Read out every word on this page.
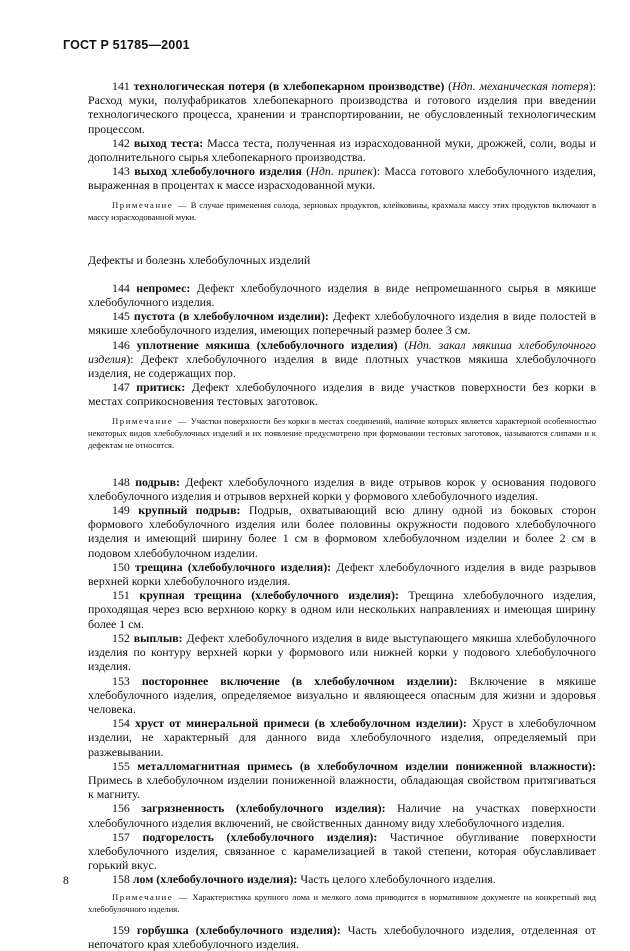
ГОСТ Р 51785—2001

141 технологическая потеря (в хлебопекарном производстве) (Ндп. механическая потеря): Расход муки, полуфабрикатов хлебопекарного производства и готового изделия при введении технологического процесса, хранении и транспортировании, не обусловленный технологическим процессом.

142 выход теста: Масса теста, полученная из израсходованной муки, дрожжей, соли, воды и дополнительного сырья хлебопекарного производства.

143 выход хлебобулочного изделия (Ндп. припек): Масса готового хлебобулочного изделия, выраженная в процентах к массе израсходованной муки.

Примечание — В случае применения солода, зерновых продуктов, клейковины, крахмала массу этих продуктов включают в массу израсходованной муки.

Дефекты и болезнь хлебобулочных изделий

144 непромес: Дефект хлебобулочного изделия в виде непромешанного сырья в мякише хлебобулочного изделия.

145 пустота (в хлебобулочном изделии): Дефект хлебобулочного изделия в виде полостей в мякише хлебобулочного изделия, имеющих поперечный размер более 3 см.

146 уплотнение мякиша (хлебобулочного изделия) (Ндп. закал мякиша хлебобулочного изделия): Дефект хлебобулочного изделия в виде плотных участков мякиша хлебобулочного изделия, не содержащих пор.

147 притиск: Дефект хлебобулочного изделия в виде участков поверхности без корки в местах соприкосновения тестовых заготовок.

Примечание — Участки поверхности без корки в местах соединений, наличие которых является характерной особенностью некоторых видов хлебобулочных изделий и их появление предусмотрено при формовании тестовых заготовок, называются слипами и к дефектам не относятся.

148 подрыв: Дефект хлебобулочного изделия в виде отрывов корок у основания подового хлебобулочного изделия и отрывов верхней корки у формового хлебобулочного изделия.

149 крупный подрыв: Подрыв, охватывающий всю длину одной из боковых сторон формового хлебобулочного изделия или более половины окружности подового хлебобулочного изделия и имеющий ширину более 1 см в формовом хлебобулочном изделии и более 2 см в подовом хлебобулочном изделии.

150 трещина (хлебобулочного изделия): Дефект хлебобулочного изделия в виде разрывов верхней корки хлебобулочного изделия.

151 крупная трещина (хлебобулочного изделия): Трещина хлебобулочного изделия, проходящая через всю верхнюю корку в одном или нескольких направлениях и имеющая ширину более 1 см.

152 выплыв: Дефект хлебобулочного изделия в виде выступающего мякиша хлебобулочного изделия по контуру верхней корки у формового или нижней корки у подового хлебобулочного изделия.

153 постороннее включение (в хлебобулочном изделии): Включение в мякише хлебобулочного изделия, определяемое визуально и являющееся опасным для жизни и здоровья человека.

154 хруст от минеральной примеси (в хлебобулочном изделии): Хруст в хлебобулочном изделии, не характерный для данного вида хлебобулочного изделия, определяемый при разжевывании.

155 металломагнитная примесь (в хлебобулочном изделии пониженной влажности): Примесь в хлебобулочном изделии пониженной влажности, обладающая свойством притягиваться к магниту.

156 загрязненность (хлебобулочного изделия): Наличие на участках поверхности хлебобулочного изделия включений, не свойственных данному виду хлебобулочного изделия.

157 подгорелость (хлебобулочного изделия): Частичное обугливание поверхности хлебобулочного изделия, связанное с карамелизацией в такой степени, которая обуславливает горький вкус.

158 лом (хлебобулочного изделия): Часть целого хлебобулочного изделия.

Примечание — Характеристика крупного лома и мелкого лома приводится в нормативном документе на конкретный вид хлебобулочного изделия.

159 горбушка (хлебобулочного изделия): Часть хлебобулочного изделия, отделенная от непочатого края хлебобулочного изделия.

8
